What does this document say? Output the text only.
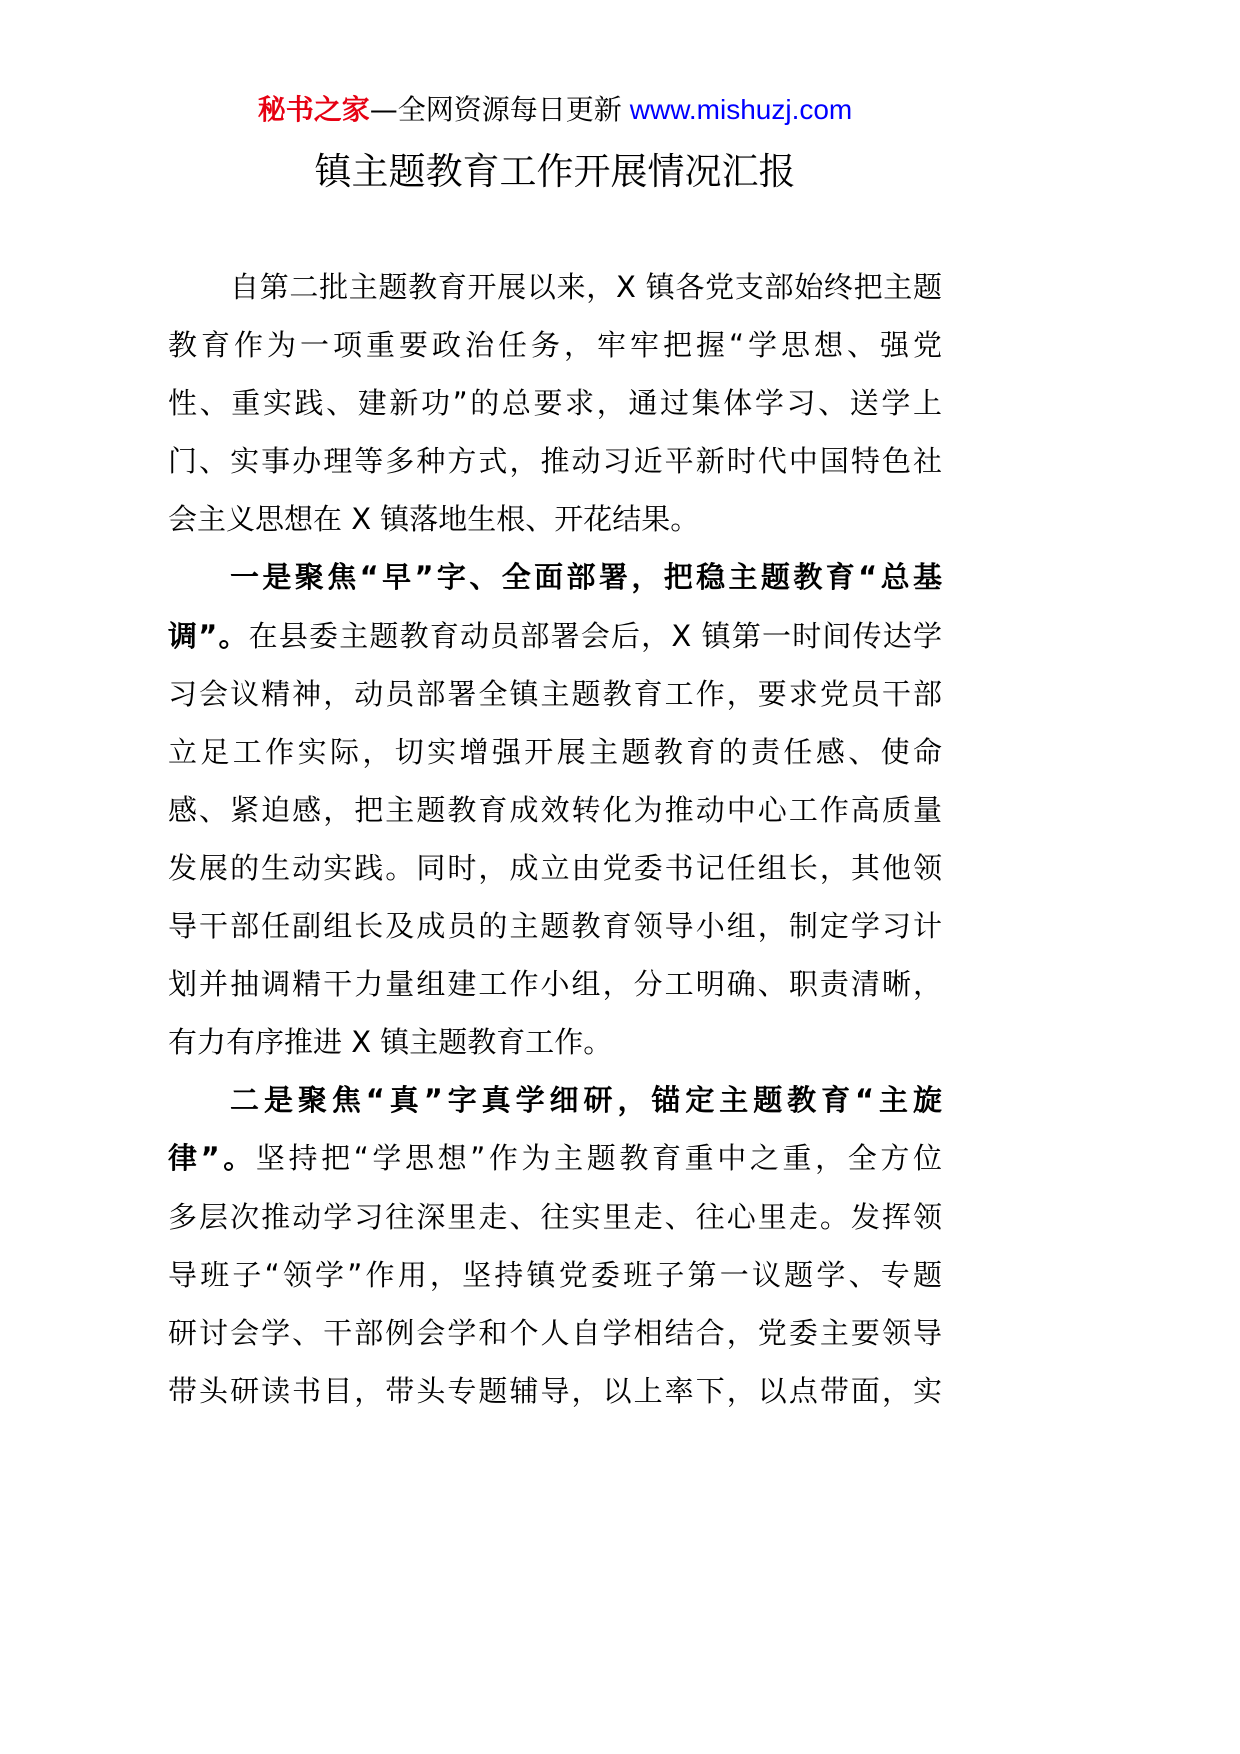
秘书之家—全网资源每日更新 www.mishuzj.com
镇主题教育工作开展情况汇报
自第二批主题教育开展以来，X 镇各党支部始终把主题
教育作为一项重要政治任务，牢牢把握“学思想、强党
性、重实践、建新功”的总要求，通过集体学习、送学上
门、实事办理等多种方式，推动习近平新时代中国特色社
会主义思想在 X 镇落地生根、开花结果。
一是聚焦“早”字、全面部署，把稳主题教育“总基
调”。在县委主题教育动员部署会后，X 镇第一时间传达学
习会议精神，动员部署全镇主题教育工作，要求党员干部
立足工作实际，切实增强开展主题教育的责任感、使命
感、紧迫感，把主题教育成效转化为推动中心工作高质量
发展的生动实践。同时，成立由党委书记任组长，其他领
导干部任副组长及成员的主题教育领导小组，制定学习计
划并抽调精干力量组建工作小组，分工明确、职责清晰，
有力有序推进 X 镇主题教育工作。
二是聚焦“真”字真学细研，锚定主题教育“主旋
律”。坚持把“学思想”作为主题教育重中之重，全方位
多层次推动学习往深里走、往实里走、往心里走。发挥领
导班子“领学”作用，坚持镇党委班子第一议题学、专题
研讨会学、干部例会学和个人自学相结合，党委主要领导
带头研读书目，带头专题辅导，以上率下，以点带面，实
